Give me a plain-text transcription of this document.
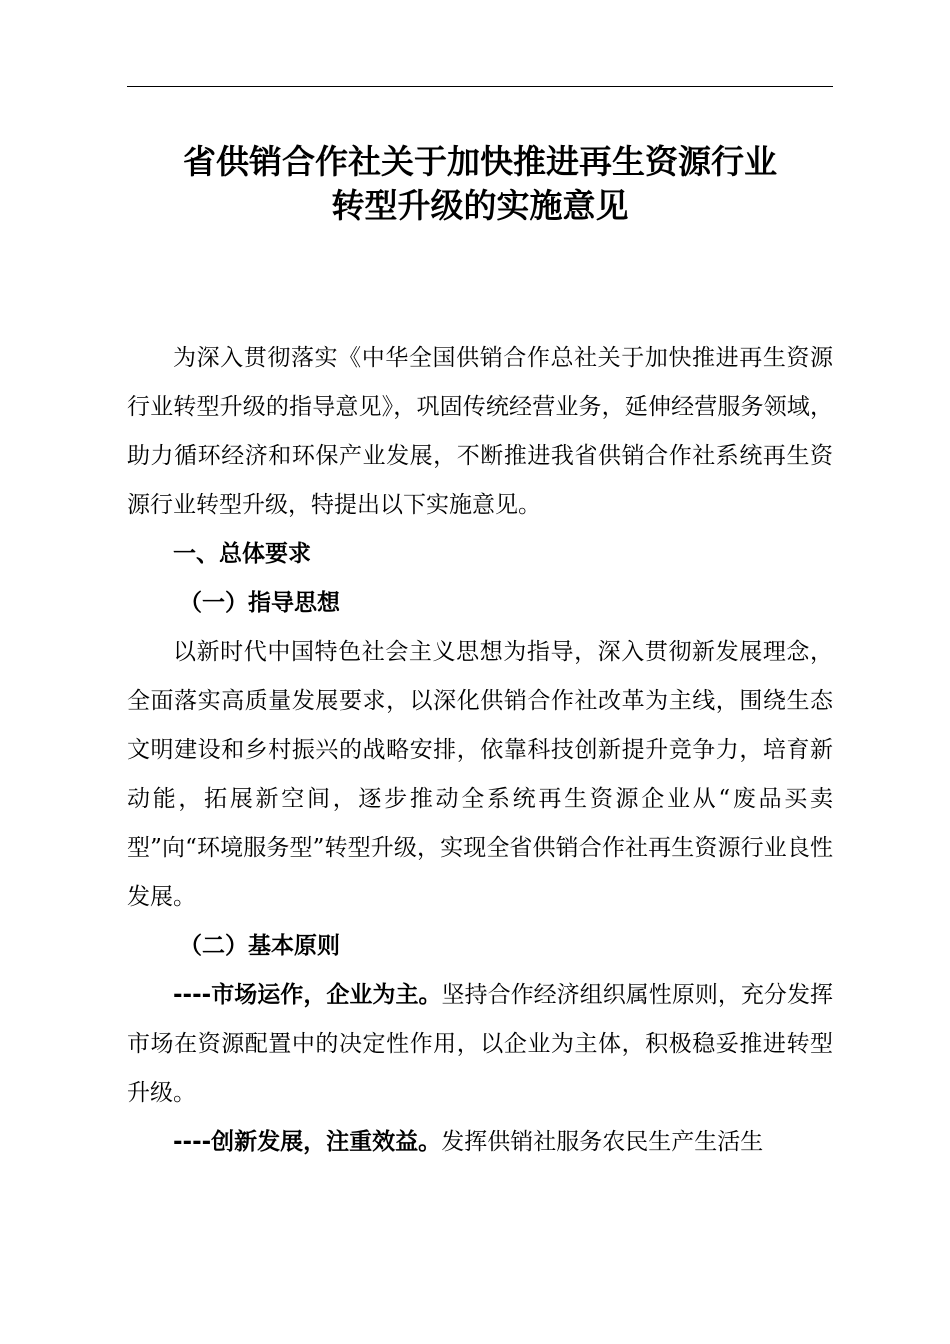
省供销合作社关于加快推进再生资源行业
转型升级的实施意见

为深入贯彻落实《中华全国供销合作总社关于加快推进再生资源行业转型升级的指导意见》，巩固传统经营业务，延伸经营服务领域，助力循环经济和环保产业发展，不断推进我省供销合作社系统再生资源行业转型升级，特提出以下实施意见。

一、总体要求

（一）指导思想

以新时代中国特色社会主义思想为指导，深入贯彻新发展理念，全面落实高质量发展要求，以深化供销合作社改革为主线，围绕生态文明建设和乡村振兴的战略安排，依靠科技创新提升竞争力，培育新动能，拓展新空间，逐步推动全系统再生资源企业从“废品买卖型”向“环境服务型”转型升级，实现全省供销合作社再生资源行业良性发展。

（二）基本原则

----市场运作，企业为主。坚持合作经济组织属性原则，充分发挥市场在资源配置中的决定性作用，以企业为主体，积极稳妥推进转型升级。

----创新发展，注重效益。发挥供销社服务农民生产生活生
